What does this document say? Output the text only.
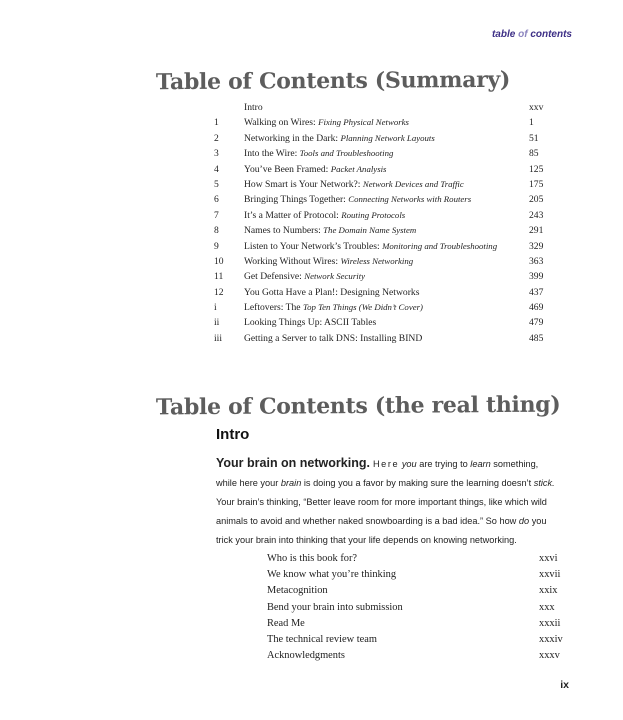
table of contents
Table of Contents (Summary)
Intro	xxv
1	Walking on Wires: Fixing Physical Networks	1
2	Networking in the Dark: Planning Network Layouts	51
3	Into the Wire: Tools and Troubleshooting	85
4	You’ve Been Framed: Packet Analysis	125
5	How Smart is Your Network?: Network Devices and Traffic	175
6	Bringing Things Together: Connecting Networks with Routers	205
7	It’s a Matter of Protocol: Routing Protocols	243
8	Names to Numbers: The Domain Name System	291
9	Listen to Your Network’s Troubles: Monitoring and Troubleshooting	329
10	Working Without Wires: Wireless Networking	363
11	Get Defensive: Network Security	399
12	You Gotta Have a Plan!: Designing Networks	437
i	Leftovers: The Top Ten Things (We Didn’t Cover)	469
ii	Looking Things Up: ASCII Tables	479
iii	Getting a Server to talk DNS: Installing BIND	485
Table of Contents (the real thing)
Intro

Your brain on networking. Here you are trying to learn something, while here your brain is doing you a favor by making sure the learning doesn’t stick. Your brain’s thinking, “Better leave room for more important things, like which wild animals to avoid and whether naked snowboarding is a bad idea.” So how do you trick your brain into thinking that your life depends on knowing networking.

Who is this book for?	xxvi
We know what you’re thinking	xxvii
Metacognition	xxix
Bend your brain into submission	xxx
Read Me	xxxii
The technical review team	xxxiv
Acknowledgments	xxxv
ix
